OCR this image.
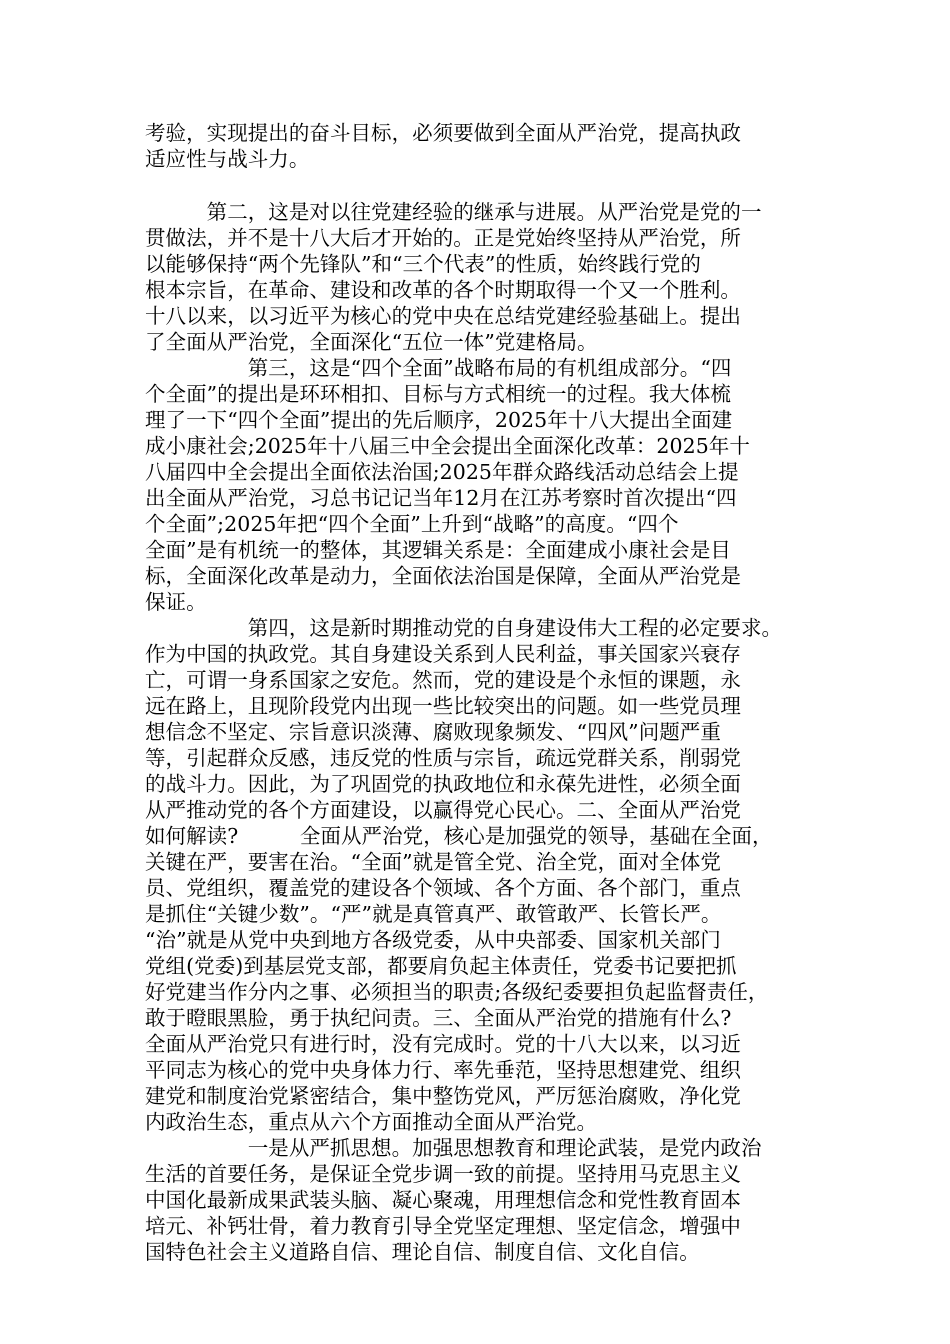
考验，实现提出的奋斗目标，必须要做到全面从严治党，提高执政
适应性与战斗力。
　　　第二，这是对以往党建经验的继承与进展。从严治党是党的一
贯做法，并不是十八大后才开始的。正是党始终坚持从严治党，所
以能够保持“两个先锋队”和“三个代表”的性质，始终践行党的
根本宗旨，在革命、建设和改革的各个时期取得一个又一个胜利。
十八以来，以习近平为核心的党中央在总结党建经验基础上。提出
了全面从严治党，全面深化“五位一体”党建格局。
　　　　　第三，这是“四个全面”战略布局的有机组成部分。“四
个全面”的提出是环环相扣、目标与方式相统一的过程。我大体梳
理了一下“四个全面”提出的先后顺序，2025年十八大提出全面建
成小康社会;2025年十八届三中全会提出全面深化改革：2025年十
八届四中全会提出全面依法治国;2025年群众路线活动总结会上提
出全面从严治党，习总书记记当年12月在江苏考察时首次提出“四
个全面”;2025年把“四个全面”上升到“战略”的高度。“四个
全面”是有机统一的整体，其逻辑关系是：全面建成小康社会是目
标，全面深化改革是动力，全面依法治国是保障，全面从严治党是
保证。
　　　　　第四，这是新时期推动党的自身建设伟大工程的必定要求。
作为中国的执政党。其自身建设关系到人民利益，事关国家兴衰存
亡，可谓一身系国家之安危。然而，党的建设是个永恒的课题，永
远在路上，且现阶段党内出现一些比较突出的问题。如一些党员理
想信念不坚定、宗旨意识淡薄、腐败现象频发、“四风”问题严重
等，引起群众反感，违反党的性质与宗旨，疏远党群关系，削弱党
的战斗力。因此，为了巩固党的执政地位和永葆先进性，必须全面
从严推动党的各个方面建设，以赢得党心民心。二、全面从严治党
如何解读?　　　全面从严治党，核心是加强党的领导，基础在全面，
关键在严，要害在治。“全面”就是管全党、治全党，面对全体党
员、党组织，覆盖党的建设各个领域、各个方面、各个部门，重点
是抓住“关键少数”。“严”就是真管真严、敢管敢严、长管长严。
“治”就是从党中央到地方各级党委，从中央部委、国家机关部门
党组(党委)到基层党支部，都要肩负起主体责任，党委书记要把抓
好党建当作分内之事、必须担当的职责;各级纪委要担负起监督责任，
敢于瞪眼黑脸，勇于执纪问责。三、全面从严治党的措施有什么?
全面从严治党只有进行时，没有完成时。党的十八大以来，以习近
平同志为核心的党中央身体力行、率先垂范，坚持思想建党、组织
建党和制度治党紧密结合，集中整饬党风，严厉惩治腐败，净化党
内政治生态，重点从六个方面推动全面从严治党。
　　　　　一是从严抓思想。加强思想教育和理论武装，是党内政治
生活的首要任务，是保证全党步调一致的前提。坚持用马克思主义
中国化最新成果武装头脑、凝心聚魂，用理想信念和党性教育固本
培元、补钙壮骨，着力教育引导全党坚定理想、坚定信念，增强中
国特色社会主义道路自信、理论自信、制度自信、文化自信。
